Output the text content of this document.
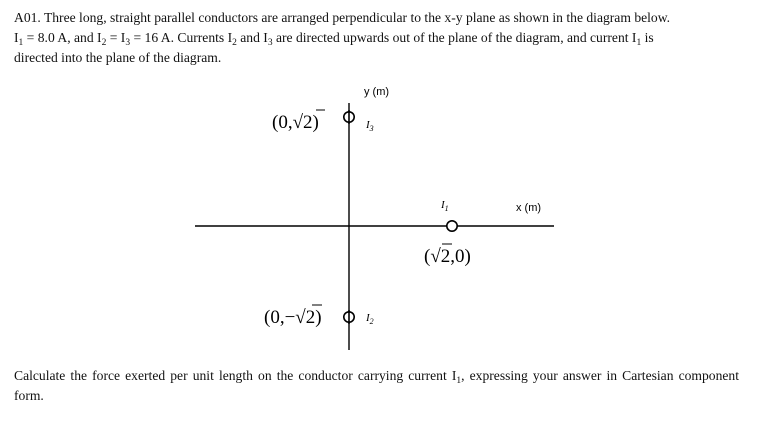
A01. Three long, straight parallel conductors are arranged perpendicular to the x-y plane as shown in the diagram below.
$I_1 = 8.0$ A, and $I_2 = I_3 = 16$ A. Currents $I_2$ and $I_3$ are directed upwards out of the plane of the diagram, and current $I_1$ is
directed into the plane of the diagram.
y (m)
x (m)
$I_3$
(0,√2)
$I_1$
(√2,0)
$I_2$
(0,−√2)
Calculate the force exerted per unit length on the conductor carrying current $I_1$, expressing your answer in Cartesian component form.
